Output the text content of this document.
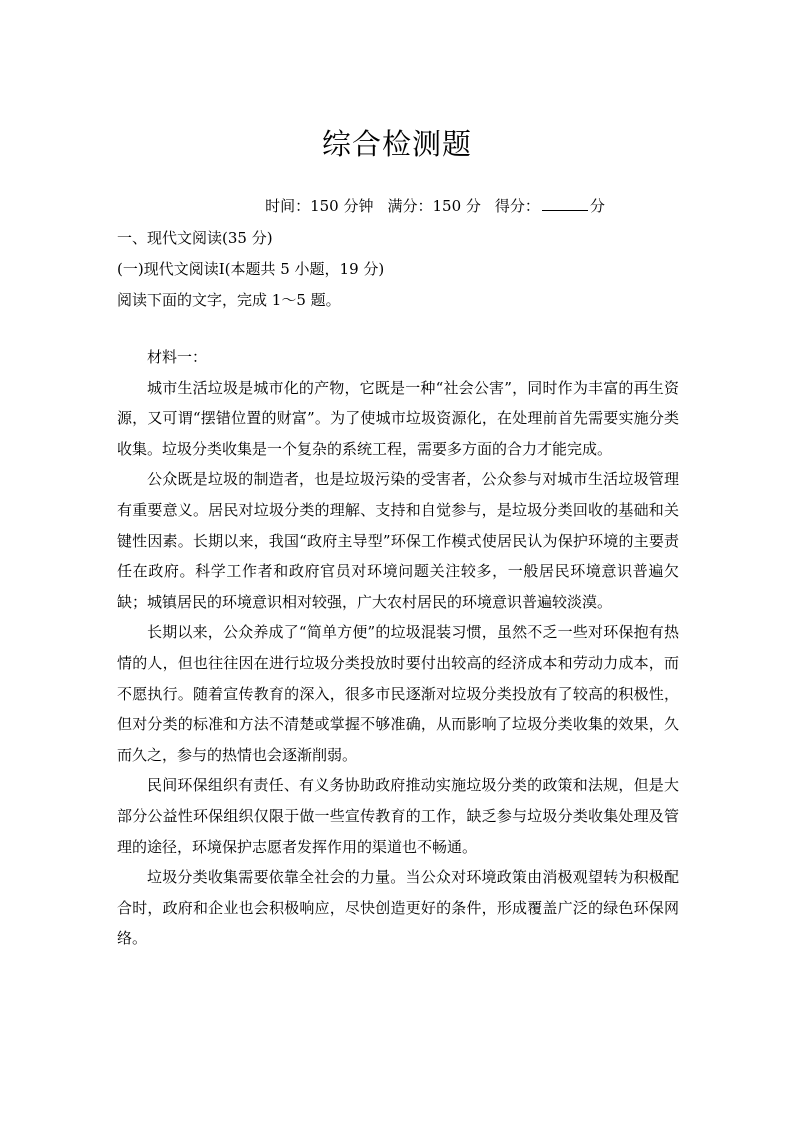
综合检测题
时间：150 分钟 满分：150 分 得分：	分
一、现代文阅读(35 分)
(一)现代文阅读Ⅰ(本题共 5 小题，19 分)
阅读下面的文字，完成 1～5 题。

材料一：

城市生活垃圾是城市化的产物，它既是一种“社会公害”，同时作为丰富的再生资源，又可谓“摆错位置的财富”。为了使城市垃圾资源化，在处理前首先需要实施分类收集。垃圾分类收集是一个复杂的系统工程，需要多方面的合力才能完成。

公众既是垃圾的制造者，也是垃圾污染的受害者，公众参与对城市生活垃圾管理有重要意义。居民对垃圾分类的理解、支持和自觉参与，是垃圾分类回收的基础和关键性因素。长期以来，我国“政府主导型”环保工作模式使居民认为保护环境的主要责任在政府。科学工作者和政府官员对环境问题关注较多，一般居民环境意识普遍欠缺；城镇居民的环境意识相对较强，广大农村居民的环境意识普遍较淡漠。

长期以来，公众养成了“简单方便”的垃圾混装习惯，虽然不乏一些对环保抱有热情的人，但也往往因在进行垃圾分类投放时要付出较高的经济成本和劳动力成本，而不愿执行。随着宣传教育的深入，很多市民逐渐对垃圾分类投放有了较高的积极性，但对分类的标准和方法不清楚或掌握不够准确，从而影响了垃圾分类收集的效果，久而久之，参与的热情也会逐渐削弱。

民间环保组织有责任、有义务协助政府推动实施垃圾分类的政策和法规，但是大部分公益性环保组织仅限于做一些宣传教育的工作，缺乏参与垃圾分类收集处理及管理的途径，环境保护志愿者发挥作用的渠道也不畅通。

垃圾分类收集需要依靠全社会的力量。当公众对环境政策由消极观望转为积极配合时，政府和企业也会积极响应，尽快创造更好的条件，形成覆盖广泛的绿色环保网络。
